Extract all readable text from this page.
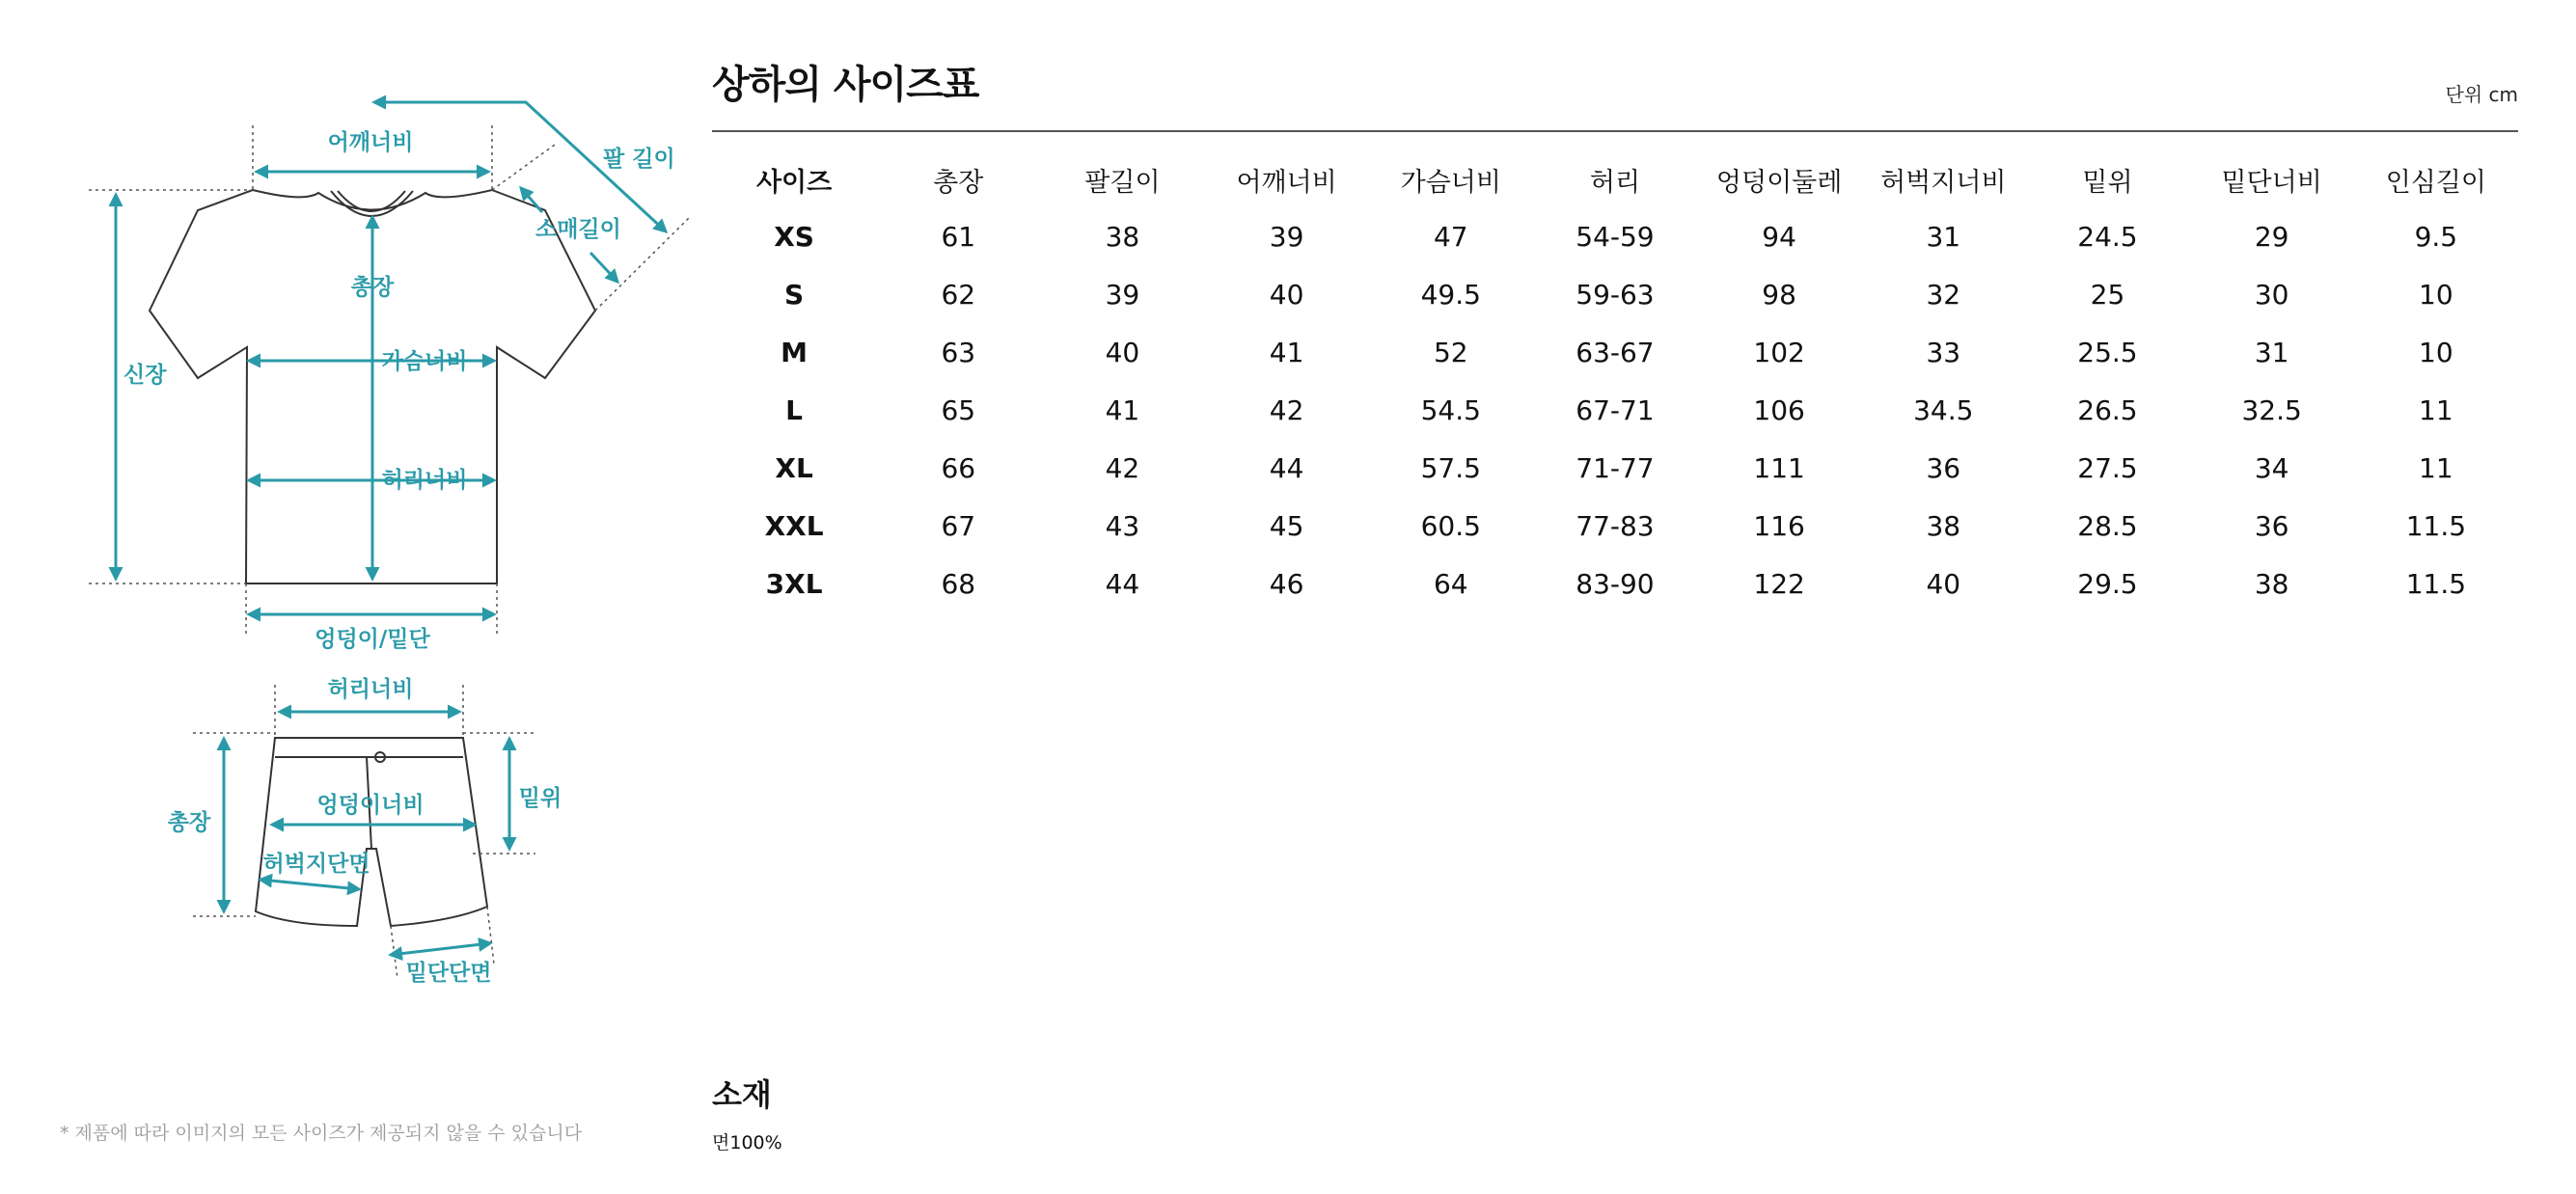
어깨너비
팔 길이
소매길이
신장
총장
가슴너비
허리너비
엉덩이/밑단
허리너비
총장
밑위
엉덩이너비
허벅지단면
밑단단면
* 제품에 따라 이미지의 모든 사이즈가 제공되지 않을 수 있습니다
상하의 사이즈표	단위 cm
사이즈	총장	팔길이	어깨너비	가슴너비	허리	엉덩이둘레	허벅지너비	밑위	밑단너비	인심길이
XS	61	38	39	47	54-59	94	31	24.5	29	9.5
S	62	39	40	49.5	59-63	98	32	25	30	10
M	63	40	41	52	63-67	102	33	25.5	31	10
L	65	41	42	54.5	67-71	106	34.5	26.5	32.5	11
XL	66	42	44	57.5	71-77	111	36	27.5	34	11
XXL	67	43	45	60.5	77-83	116	38	28.5	36	11.5
3XL	68	44	46	64	83-90	122	40	29.5	38	11.5
소재
면100%
